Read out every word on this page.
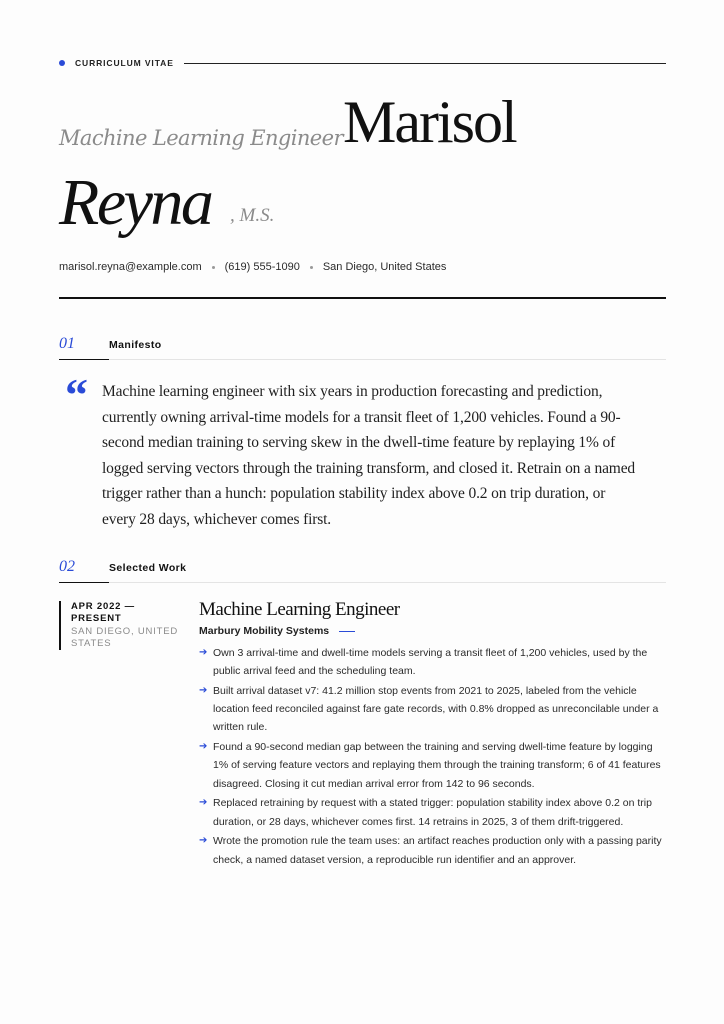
CURRICULUM VITAE
Machine Learning Engineer Marisol
Reyna , M.S.
marisol.reyna@example.com (619) 555-1090 San Diego, United States
01	Manifesto
“ Machine learning engineer with six years in production forecasting and prediction, currently owning arrival-time models for a transit fleet of 1,200 vehicles. Found a 90-second median training to serving skew in the dwell-time feature by replaying 1% of logged serving vectors through the training transform, and closed it. Retrain on a named trigger rather than a hunch: population stability index above 0.2 on trip duration, or every 28 days, whichever comes first.

02	Selected Work
APR 2022 — PRESENT
SAN DIEGO, UNITED STATES
Machine Learning Engineer
Marbury Mobility Systems
➔ Own 3 arrival-time and dwell-time models serving a transit fleet of 1,200 vehicles, used by the public arrival feed and the scheduling team.
➔ Built arrival dataset v7: 41.2 million stop events from 2021 to 2025, labeled from the vehicle location feed reconciled against fare gate records, with 0.8% dropped as unreconcilable under a written rule.
➔ Found a 90-second median gap between the training and serving dwell-time feature by logging 1% of serving feature vectors and replaying them through the training transform; 6 of 41 features disagreed. Closing it cut median arrival error from 142 to 96 seconds.
➔ Replaced retraining by request with a stated trigger: population stability index above 0.2 on trip duration, or 28 days, whichever comes first. 14 retrains in 2025, 3 of them drift-triggered.
➔ Wrote the promotion rule the team uses: an artifact reaches production only with a passing parity check, a named dataset version, a reproducible run identifier and an approver.
